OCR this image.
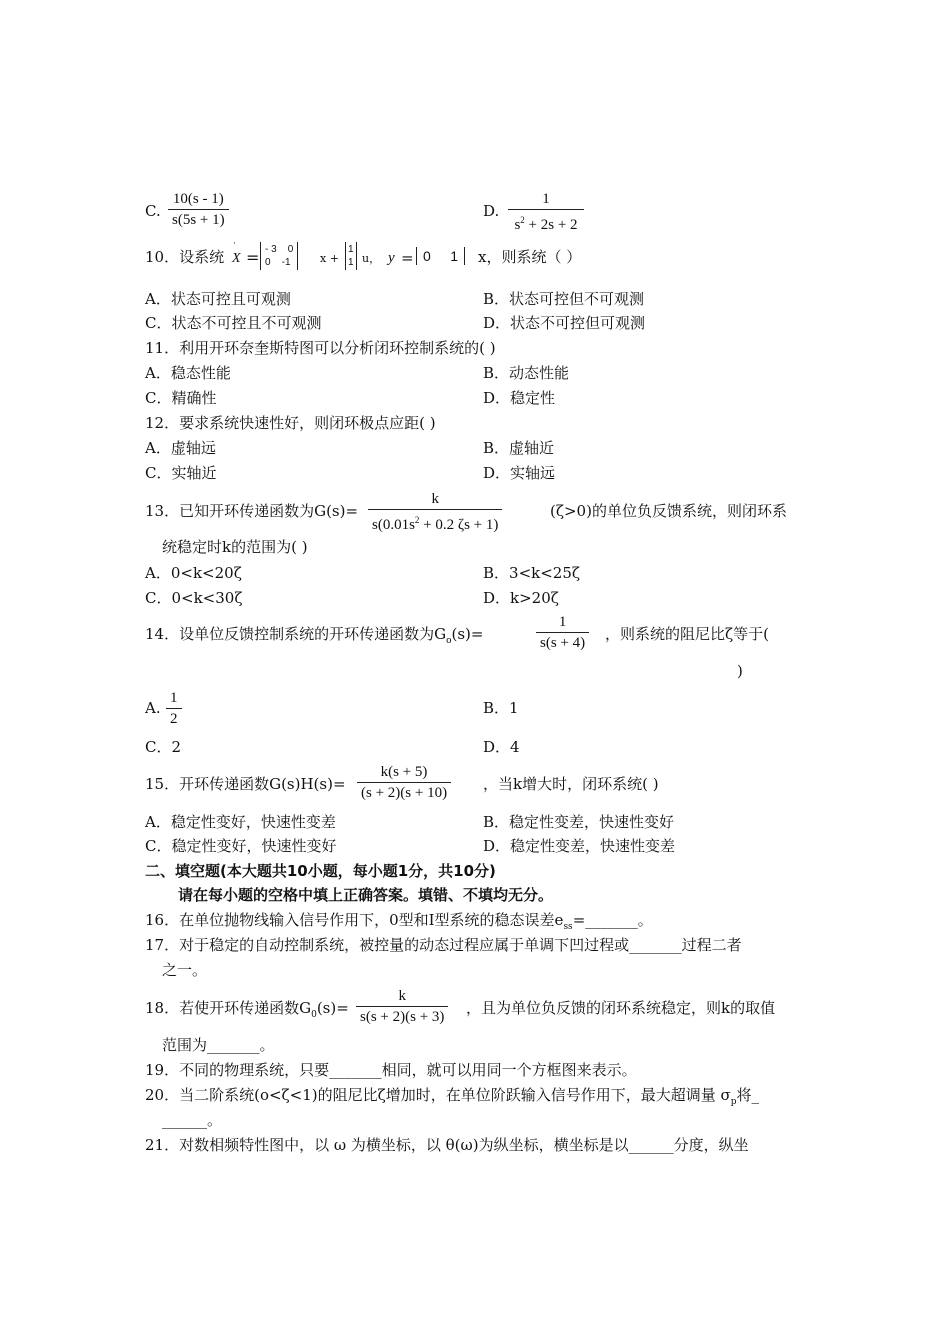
C.
10(s - 1)
s(5s + 1)	D.
1
$s^2 + 2s + 2$
10．设系统 X
˙
= - 3    0
0    -1	x +
1
1 u， y = 0     1	x，则系统（ ）
A．状态可控且可观测	B．状态可控但不可观测
C．状态不可控且不可观测	D．状态不可控但可观测
11．利用开环奈奎斯特图可以分析闭环控制系统的( )
A．稳态性能	B．动态性能
C．精确性	D．稳定性
12．要求系统快速性好，则闭环极点应距( )
A．虚轴远	B．虚轴近
C．实轴近	D．实轴远
13．已知开环传递函数为G(s)=
k
$s(0.01s^2 + 0.2$ ζs + 1)
(ζ>0)的单位负反馈系统，则闭环系
统稳定时k的范围为( )
A．0<k<20ζ	B．3<k<25ζ
C．0<k<30ζ	D．k>20ζ
14．设单位反馈控制系统的开环传递函数为$G_o(s)=$
1
s(s + 4) ，则系统的阻尼比ζ等于(
)
A.
1
2
B．1
C．2	D．4
15．开环传递函数G(s)H(s)=
k(s + 5)
(s + 2)(s + 10) ，当k增大时，闭环系统( )
A．稳定性变好，快速性变差	B．稳定性变差，快速性变好
C．稳定性变好，快速性变好	D．稳定性变差，快速性变差
二、填空题(本大题共10小题，每小题1分，共10分)
请在每小题的空格中填上正确答案。填错、不填均无分。
16．在单位抛物线输入信号作用下，0型和Ⅰ型系统的稳态误差$e_{ss}=\_\_\_\_\_\_\_$。
17．对于稳定的自动控制系统，被控量的动态过程应属于单调下凹过程或_______过程二者
之一。
18．若使开环传递函数$G_0(s)=$
k
s(s + 2)(s + 3) ，且为单位负反馈的闭环系统稳定，则k的取值
范围为_______。
19．不同的物理系统，只要_______相同，就可以用同一个方框图来表示。
20．当二阶系统(o<ζ<1)的阻尼比ζ增加时，在单位阶跃输入信号作用下，最大超调量 $\sigma_p$将_
______。
21．对数相频特性图中，以 ω 为横坐标，以 θ(ω)为纵坐标，横坐标是以______分度，纵坐
